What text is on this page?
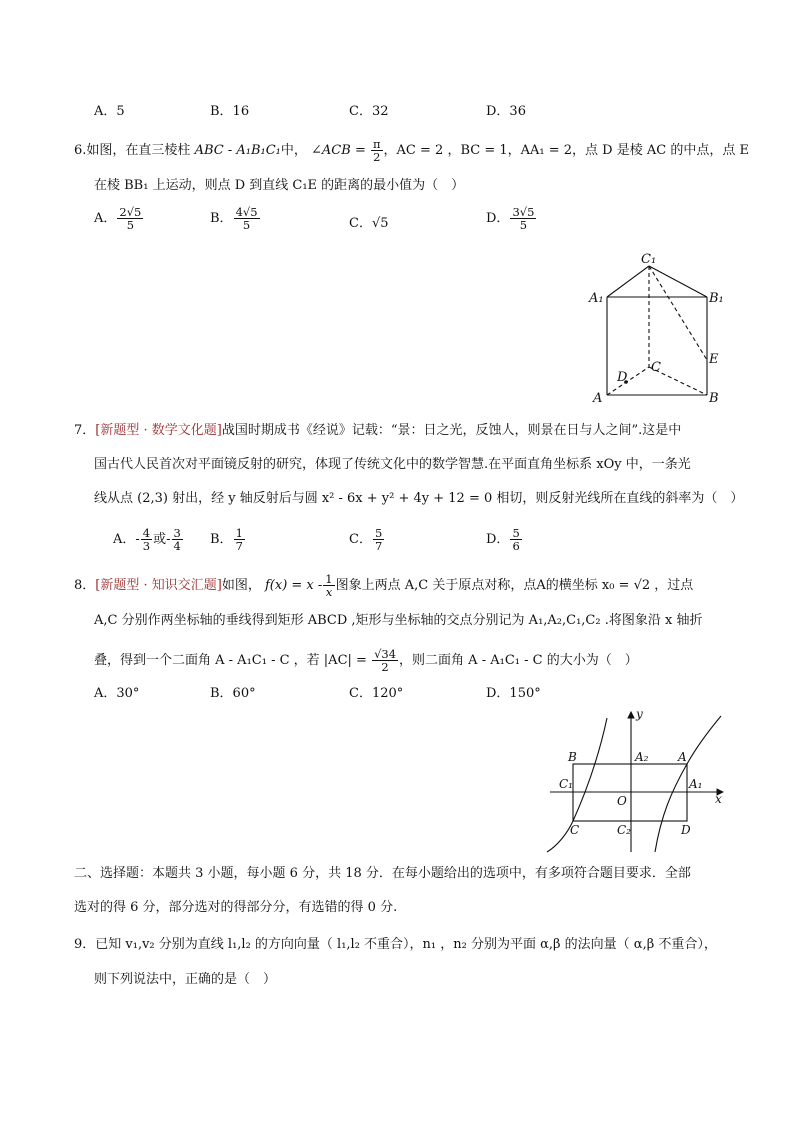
A．5	B．16	C．32	D．36
6.如图，在直三棱柱 ABC - A₁B₁C₁中， ∠ACB = $\frac{\pi}{2}$ ，AC = 2 ，BC = 1，AA₁ = 2，点 D 是棱 AC 的中点，点 E
在棱 BB₁ 上运动，则点 D 到直线 C₁E 的距离的最小值为（　）
A． $\frac{2√5}{5}$	B． $\frac{4√5}{5}$	C．√5	D． $\frac{3√5}{5}$
C₁
A₁	B₁
E
C
D
A	B
7．[新题型 · 数学文化题]战国时期成书《经说》记载：“景：日之光，反蚀人，则景在日与人之间”.这是中
国古代人民首次对平面镜反射的研究，体现了传统文化中的数学智慧.在平面直角坐标系 xOy 中，一条光
线从点 (2,3) 射出，经 y 轴反射后与圆 x² - 6x + y² + 4y + 12 = 0 相切，则反射光线所在直线的斜率为（　）
A．- $\frac{4}{3}$ 或- $\frac{3}{4}$ B． $\frac{1}{7}$	C． $\frac{5}{7}$	D． $\frac{5}{6}$
8．[新题型 · 知识交汇题]如图， $f(x) = x - \frac{1}{x}$ 图象上两点 A,C 关于原点对称，点A的横坐标 x₀ = √2 ，过点
A,C 分别作两坐标轴的垂线得到矩形 ABCD ,矩形与坐标轴的交点分别记为 A₁,A₂,C₁,C₂ .将图象沿 x 轴折
叠，得到一个二面角 A - A₁C₁ - C ，若 $|AC| = \frac{√34}{2}$ ，则二面角 A - A₁C₁ - C 的大小为（　）
A．30°	B．60°	C．120°	D．150°
y
x
B	A₂ A
C₁
O
A₁
C	C₂	D
二、选择题：本题共 3 小题，每小题 6 分，共 18 分．在每小题给出的选项中，有多项符合题目要求．全部
选对的得 6 分，部分选对的得部分分，有选错的得 0 分.
9．已知 v₁,v₂ 分别为直线 l₁,l₂ 的方向向量（ l₁,l₂ 不重合），n₁ ，n₂ 分别为平面 α,β 的法向量（ α,β 不重合），
则下列说法中，正确的是（　）
